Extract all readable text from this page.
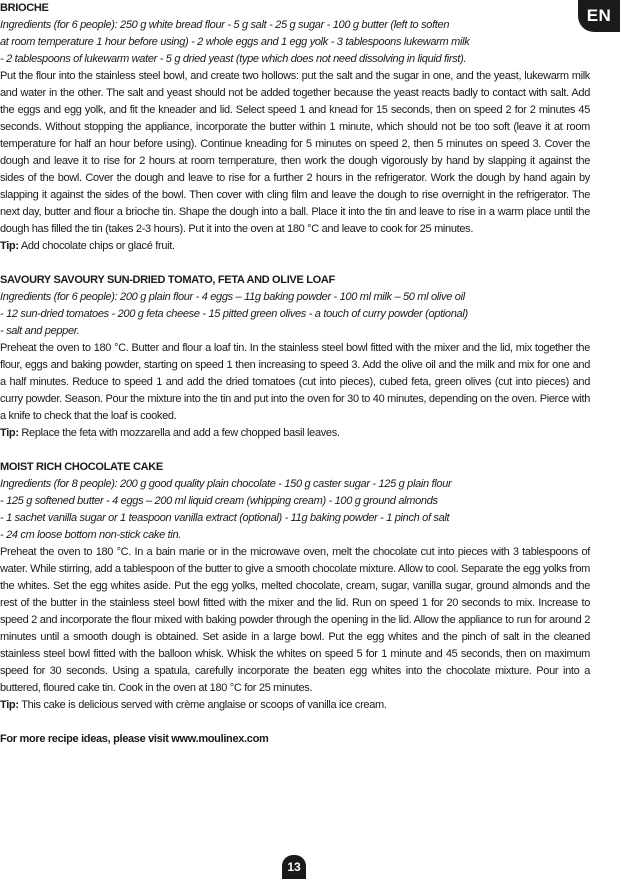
BRIOCHE

Ingredients (for 6 people): 250 g white bread flour - 5 g salt - 25 g sugar - 100 g butter (left to soften
at room temperature 1 hour before using) - 2 whole eggs and 1 egg yolk - 3 tablespoons lukewarm milk
- 2 tablespoons of lukewarm water - 5 g dried yeast (type which does not need dissolving in liquid first).

Put the flour into the stainless steel bowl, and create two hollows: put the salt and the sugar in one, and the yeast, lukewarm milk and water in the other. The salt and yeast should not be added together because the yeast reacts badly to contact with salt. Add the eggs and egg yolk, and fit the kneader and lid. Select speed 1 and knead for 15 seconds, then on speed 2 for 2 minutes 45 seconds. Without stopping the appliance, incorporate the butter within 1 minute, which should not be too soft (leave it at room temperature for half an hour before using). Continue kneading for 5 minutes on speed 2, then 5 minutes on speed 3. Cover the dough and leave it to rise for 2 hours at room temperature, then work the dough vigorously by hand by slapping it against the sides of the bowl. Cover the dough and leave to rise for a further 2 hours in the refrigerator. Work the dough by hand again by slapping it against the sides of the bowl. Then cover with cling film and leave the dough to rise overnight in the refrigerator. The next day, butter and flour a brioche tin. Shape the dough into a ball. Place it into the tin and leave to rise in a warm place until the dough has filled the tin (takes 2-3 hours). Put it into the oven at 180 °C and leave to cook for 25 minutes.

Tip: Add chocolate chips or glacé fruit.

SAVOURY SAVOURY SUN-DRIED TOMATO, FETA AND OLIVE LOAF

Ingredients (for 6 people): 200 g plain flour - 4 eggs – 11g baking powder - 100 ml milk – 50 ml olive oil
- 12 sun-dried tomatoes - 200 g feta cheese - 15 pitted green olives - a touch of curry powder (optional)
- salt and pepper.

Preheat the oven to 180 °C. Butter and flour a loaf tin. In the stainless steel bowl fitted with the mixer and the lid, mix together the flour, eggs and baking powder, starting on speed 1 then increasing to speed 3. Add the olive oil and the milk and mix for one and a half minutes. Reduce to speed 1 and add the dried tomatoes (cut into pieces), cubed feta, green olives (cut into pieces) and curry powder. Season. Pour the mixture into the tin and put into the oven for 30 to 40 minutes, depending on the oven. Pierce with a knife to check that the loaf is cooked.

Tip: Replace the feta with mozzarella and add a few chopped basil leaves.

MOIST RICH CHOCOLATE CAKE

Ingredients (for 8 people): 200 g good quality plain chocolate - 150 g caster sugar - 125 g plain flour
- 125 g softened butter - 4 eggs – 200 ml liquid cream (whipping cream) - 100 g ground almonds
- 1 sachet vanilla sugar or 1 teaspoon vanilla extract (optional) - 11g baking powder - 1 pinch of salt
- 24 cm loose bottom non-stick cake tin.

Preheat the oven to 180 °C. In a bain marie or in the microwave oven, melt the chocolate cut into pieces with 3 tablespoons of water. While stirring, add a tablespoon of the butter to give a smooth chocolate mixture. Allow to cool. Separate the egg yolks from the whites. Set the egg whites aside. Put the egg yolks, melted chocolate, cream, sugar, vanilla sugar, ground almonds and the rest of the butter in the stainless steel bowl fitted with the mixer and the lid. Run on speed 1 for 20 seconds to mix. Increase to speed 2 and incorporate the flour mixed with baking powder through the opening in the lid. Allow the appliance to run for around 2 minutes until a smooth dough is obtained. Set aside in a large bowl. Put the egg whites and the pinch of salt in the cleaned stainless steel bowl fitted with the balloon whisk. Whisk the whites on speed 5 for 1 minute and 45 seconds, then on maximum speed for 30 seconds. Using a spatula, carefully incorporate the beaten egg whites into the chocolate mixture. Pour into a buttered, floured cake tin. Cook in the oven at 180 °C for 25 minutes.

Tip: This cake is delicious served with crème anglaise or scoops of vanilla ice cream.

For more recipe ideas, please visit www.moulinex.com

EN
13
